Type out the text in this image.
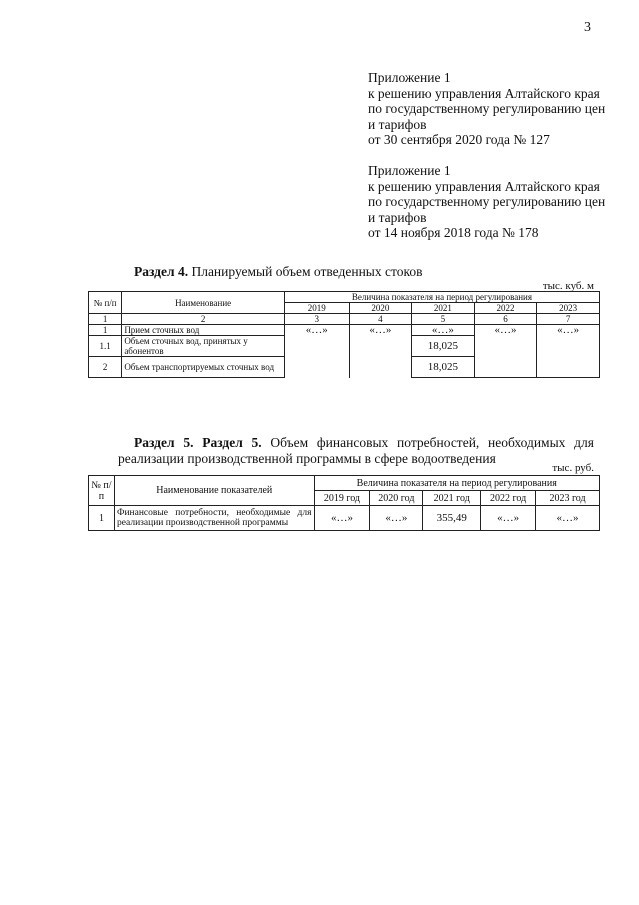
3
Приложение 1
к решению управления Алтайского края
по государственному регулированию цен
и тарифов
от 30 сентября 2020 года № 127
Приложение 1
к решению управления Алтайского края
по государственному регулированию цен
и тарифов
от 14 ноября 2018 года № 178
Раздел 4. Планируемый объем отведенных стоков
тыс. куб. м
№ п/п	Наименование	Величина показателя на период регулирования				
		2019	2020	2021	2022	2023
1	2	3	4	5	6	7
1	Прием сточных вод	«…»	«…»	«…»	«…»	«…»
1.1	Объем сточных вод, принятых у абонентов			18,025		
2	Объем транспортируемых сточных вод			18,025		
Раздел 5. Раздел 5. Объем финансовых потребностей, необходимых для реализации производственной программы в сфере водоотведения
тыс. руб.
№ п/п	Наименование показателей	Величина показателя на период регулирования				
		2019 год	2020 год	2021 год	2022 год	2023 год
1	Финансовые потребности, необходимые для реализации производственной программы	«…»	«…»	355,49	«…»	«…»
